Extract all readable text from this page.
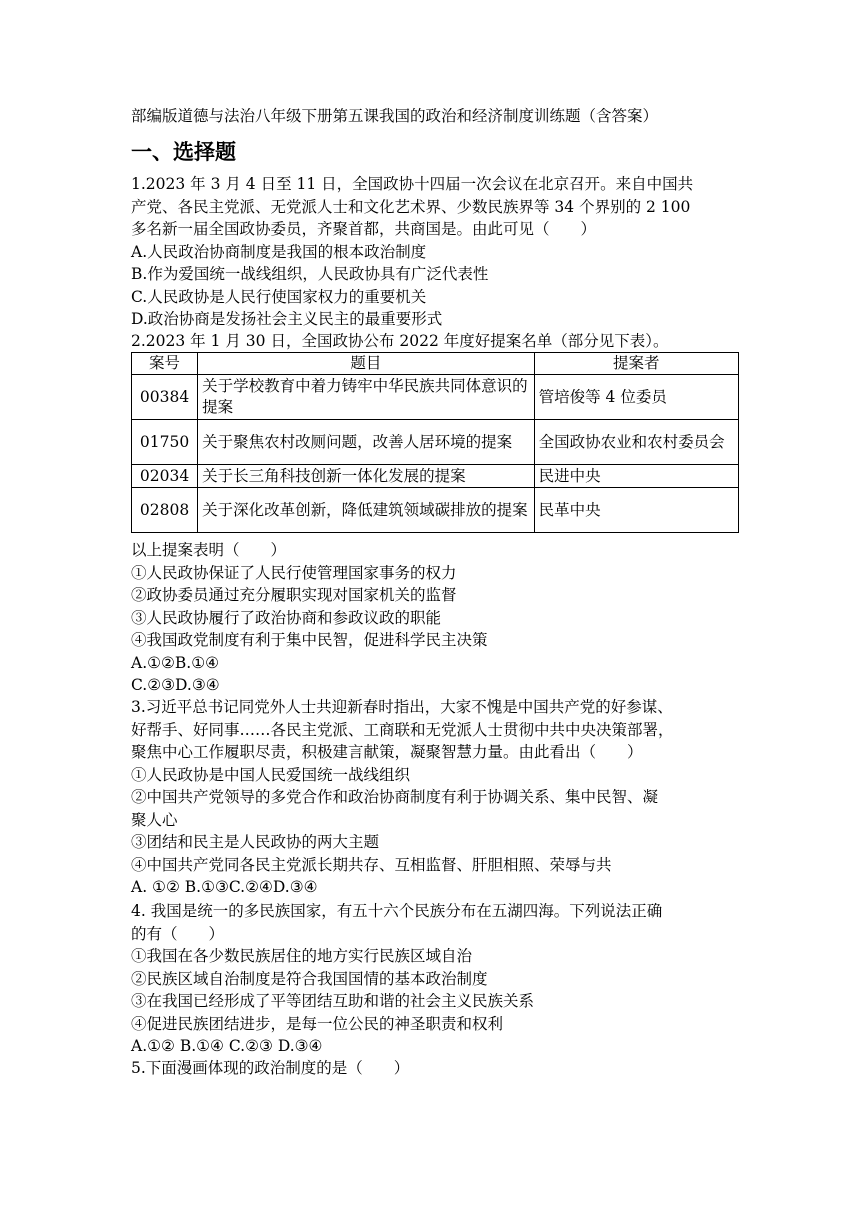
部编版道德与法治八年级下册第五课我国的政治和经济制度训练题（含答案）
一、选择题

1.2023 年 3 月 4 日至 11 日，全国政协十四届一次会议在北京召开。来自中国共

产党、各民主党派、无党派人士和文化艺术界、少数民族界等 34 个界别的 2 100

多名新一届全国政协委员，齐聚首都，共商国是。由此可见（　　）

A.人民政治协商制度是我国的根本政治制度

B.作为爱国统一战线组织，人民政协具有广泛代表性

C.人民政协是人民行使国家权力的重要机关

D.政治协商是发扬社会主义民主的最重要形式

2.2023 年 1 月 30 日，全国政协公布 2022 年度好提案名单（部分见下表）。

案号	题目	提案者
00384	关于学校教育中着力铸牢中华民族共同体意识的提案	管培俊等 4 位委员
01750	关于聚焦农村改厕问题，改善人居环境的提案	全国政协农业和农村委员会
02034	关于长三角科技创新一体化发展的提案	民进中央
02808	关于深化改革创新，降低建筑领域碳排放的提案	民革中央

以上提案表明（　　）

①人民政协保证了人民行使管理国家事务的权力

②政协委员通过充分履职实现对国家机关的监督

③人民政协履行了政治协商和参政议政的职能

④我国政党制度有利于集中民智，促进科学民主决策

A.①②B.①④

C.②③D.③④

3.习近平总书记同党外人士共迎新春时指出，大家不愧是中国共产党的好参谋、

好帮手、好同事……各民主党派、工商联和无党派人士贯彻中共中央决策部署，

聚焦中心工作履职尽责，积极建言献策，凝聚智慧力量。由此看出（　　）

①人民政协是中国人民爱国统一战线组织

②中国共产党领导的多党合作和政治协商制度有利于协调关系、集中民智、凝

聚人心

③团结和民主是人民政协的两大主题

④中国共产党同各民主党派长期共存、互相监督、肝胆相照、荣辱与共

A. ①② B.①③C.②④D.③④

4. 我国是统一的多民族国家，有五十六个民族分布在五湖四海。下列说法正确

的有（　　）

①我国在各少数民族居住的地方实行民族区域自治

②民族区域自治制度是符合我国国情的基本政治制度

③在我国已经形成了平等团结互助和谐的社会主义民族关系

④促进民族团结进步，是每一位公民的神圣职责和权利

A.①② B.①④ C.②③ D.③④

5.下面漫画体现的政治制度的是（　　）
